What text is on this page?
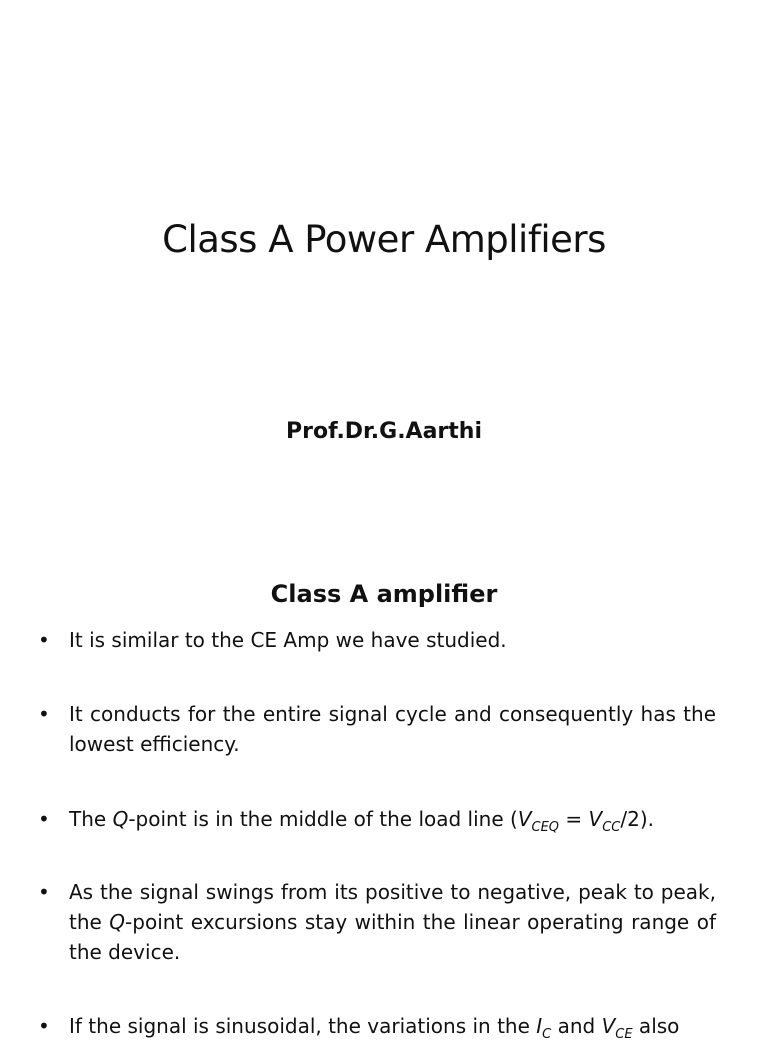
Class A Power Amplifiers
Prof.Dr.G.Aarthi
Class A amplifier
• It is similar to the CE Amp we have studied.
• It conducts for the entire signal cycle and consequently has the lowest efficiency.
• The Q-point is in the middle of the load line $(V_{CEQ} = V_{CC}/2)$.
• As the signal swings from its positive to negative, peak to peak, the Q-point excursions stay within the linear operating range of the device.
• If the signal is sinusoidal, the variations in the $I_C$ and $V_{CE}$ also
